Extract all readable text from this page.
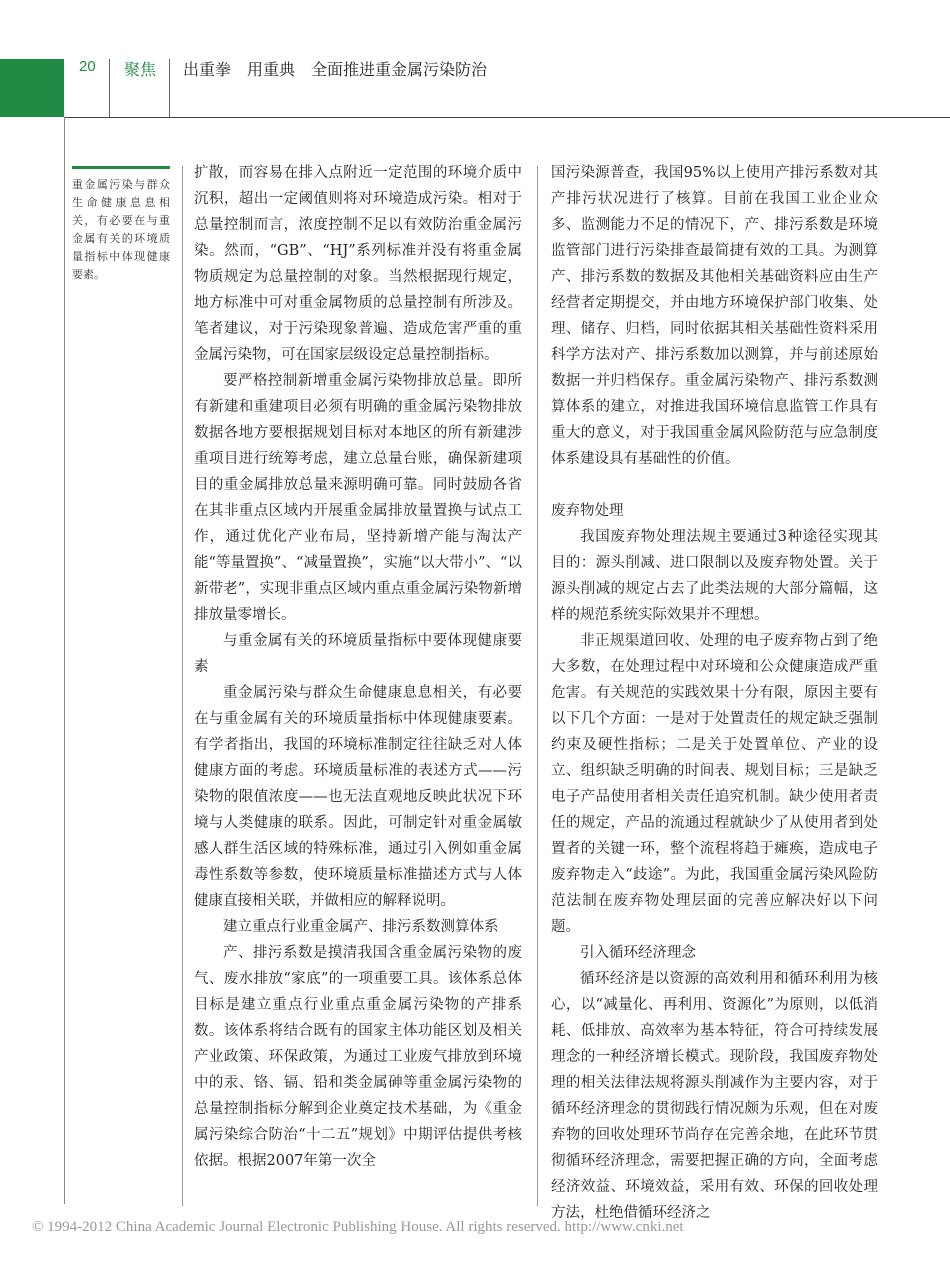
20 聚焦 出重拳　用重典　全面推进重金属污染防治
重金属污染与群众生命健康息息相关，有必要在与重金属有关的环境质量指标中体现健康要素。

扩散，而容易在排入点附近一定范围的环境介质中沉积，超出一定阈值则将对环境造成污染。相对于总量控制而言，浓度控制不足以有效防治重金属污染。然而，“GB”、“HJ”系列标准并没有将重金属物质规定为总量控制的对象。当然根据现行规定，地方标准中可对重金属物质的总量控制有所涉及。笔者建议，对于污染现象普遍、造成危害严重的重金属污染物，可在国家层级设定总量控制指标。

要严格控制新增重金属污染物排放总量。即所有新建和重建项目必须有明确的重金属污染物排放数据各地方要根据规划目标对本地区的所有新建涉重项目进行统筹考虑，建立总量台账，确保新建项目的重金属排放总量来源明确可靠。同时鼓励各省在其非重点区域内开展重金属排放量置换与试点工作，通过优化产业布局，坚持新增产能与淘汰产能“等量置换”、“减量置换”，实施“以大带小”、“以新带老”，实现非重点区域内重点重金属污染物新增排放量零增长。

与重金属有关的环境质量指标中要体现健康要素

重金属污染与群众生命健康息息相关，有必要在与重金属有关的环境质量指标中体现健康要素。有学者指出，我国的环境标准制定往往缺乏对人体健康方面的考虑。环境质量标准的表述方式——污染物的限值浓度——也无法直观地反映此状况下环境与人类健康的联系。因此，可制定针对重金属敏感人群生活区域的特殊标准，通过引入例如重金属毒性系数等参数，使环境质量标准描述方式与人体健康直接相关联，并做相应的解释说明。

建立重点行业重金属产、排污系数测算体系

产、排污系数是摸清我国含重金属污染物的废气、废水排放“家底”的一项重要工具。该体系总体目标是建立重点行业重点重金属污染物的产排系数。该体系将结合既有的国家主体功能区划及相关产业政策、环保政策，为通过工业废气排放到环境中的汞、铬、镉、铅和类金属砷等重金属污染物的总量控制指标分解到企业奠定技术基础，为《重金属污染综合防治“十二五”规划》中期评估提供考核依据。根据2007年第一次全

国污染源普查，我国95%以上使用产排污系数对其产排污状况进行了核算。目前在我国工业企业众多、监测能力不足的情况下，产、排污系数是环境监管部门进行污染排查最简捷有效的工具。为测算产、排污系数的数据及其他相关基础资料应由生产经营者定期提交，并由地方环境保护部门收集、处理、储存、归档，同时依据其相关基础性资料采用科学方法对产、排污系数加以测算，并与前述原始数据一并归档保存。重金属污染物产、排污系数测算体系的建立，对推进我国环境信息监管工作具有重大的意义，对于我国重金属风险防范与应急制度体系建设具有基础性的价值。

废弃物处理

我国废弃物处理法规主要通过3种途径实现其目的：源头削减、进口限制以及废弃物处置。关于源头削减的规定占去了此类法规的大部分篇幅，这样的规范系统实际效果并不理想。

非正规渠道回收、处理的电子废弃物占到了绝大多数，在处理过程中对环境和公众健康造成严重危害。有关规范的实践效果十分有限，原因主要有以下几个方面：一是对于处置责任的规定缺乏强制约束及硬性指标；二是关于处置单位、产业的设立、组织缺乏明确的时间表、规划目标；三是缺乏电子产品使用者相关责任追究机制。缺少使用者责任的规定，产品的流通过程就缺少了从使用者到处置者的关键一环，整个流程将趋于瘫痪，造成电子废弃物走入“歧途”。为此，我国重金属污染风险防范法制在废弃物处理层面的完善应解决好以下问题。

引入循环经济理念

循环经济是以资源的高效利用和循环利用为核心，以“减量化、再利用、资源化”为原则，以低消耗、低排放、高效率为基本特征，符合可持续发展理念的一种经济增长模式。现阶段，我国废弃物处理的相关法律法规将源头削减作为主要内容，对于循环经济理念的贯彻践行情况颇为乐观，但在对废弃物的回收处理环节尚存在完善余地，在此环节贯彻循环经济理念，需要把握正确的方向，全面考虑经济效益、环境效益，采用有效、环保的回收处理方法，杜绝借循环经济之

© 1994-2012 China Academic Journal Electronic Publishing House. All rights reserved. http://www.cnki.net
